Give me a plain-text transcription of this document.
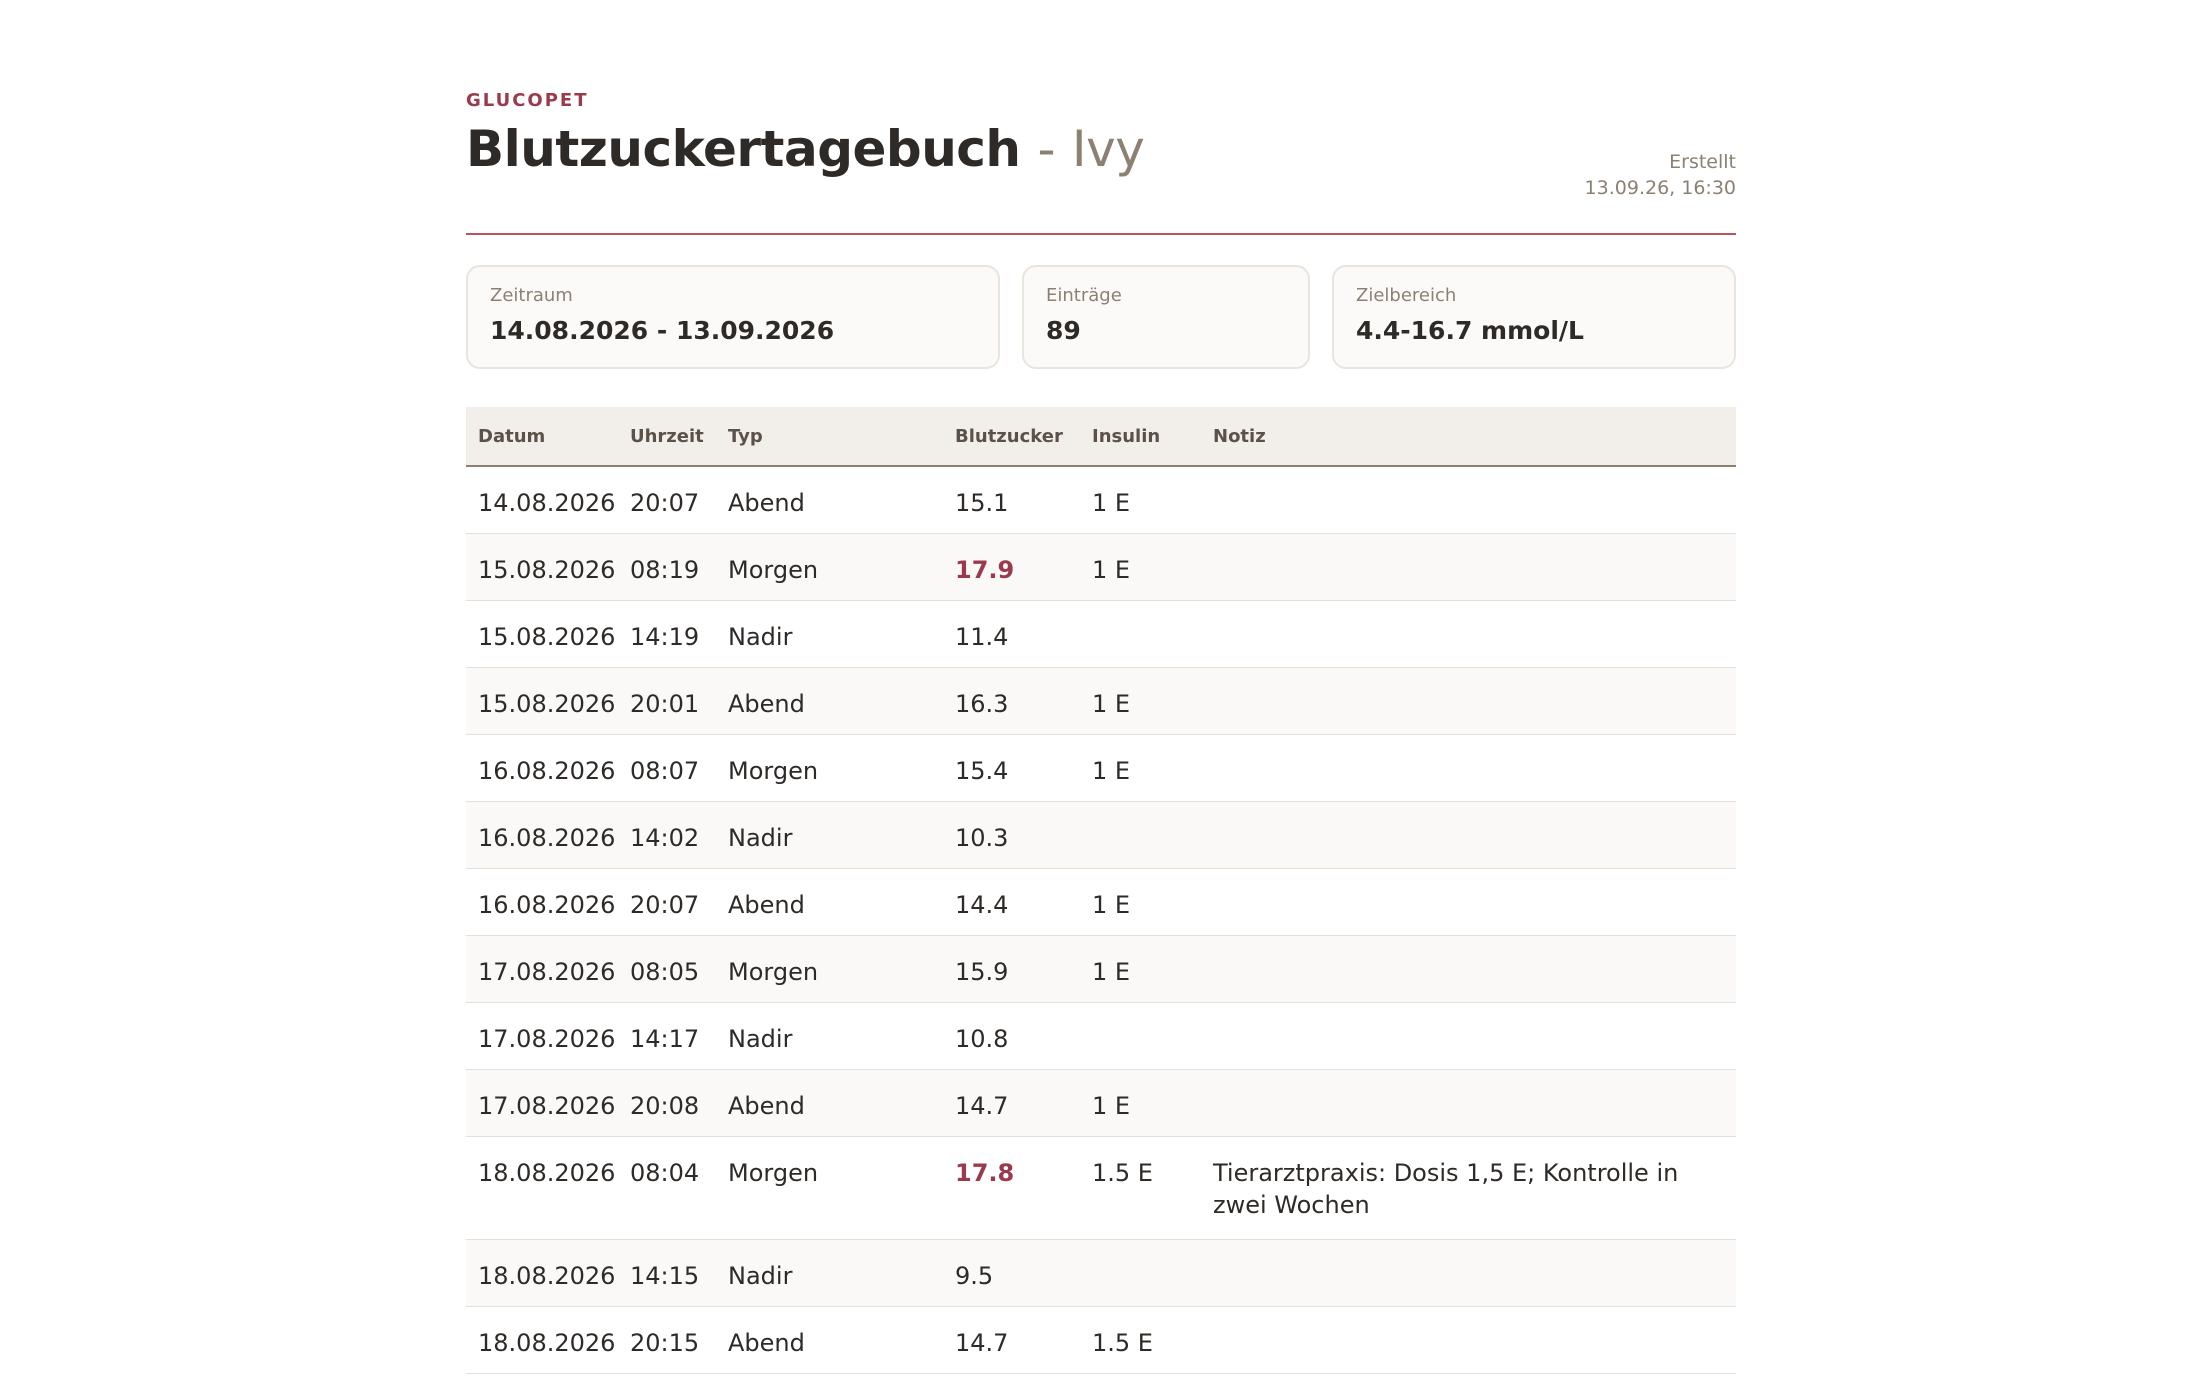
GLUCOPET

Blutzuckertagebuch - Ivy	Erstellt
13.09.26, 16:30
Zeitraum
14.08.2026 - 13.09.2026
Einträge
89
Zielbereich
4.4-16.7 mmol/L
Datum	Uhrzeit	Typ	Blutzucker	Insulin	Notiz
14.08.2026	20:07	Abend	15.1	1 E	
15.08.2026	08:19	Morgen	17.9	1 E	
15.08.2026	14:19	Nadir	11.4		
15.08.2026	20:01	Abend	16.3	1 E	
16.08.2026	08:07	Morgen	15.4	1 E	
16.08.2026	14:02	Nadir	10.3		
16.08.2026	20:07	Abend	14.4	1 E	
17.08.2026	08:05	Morgen	15.9	1 E	
17.08.2026	14:17	Nadir	10.8		
17.08.2026	20:08	Abend	14.7	1 E	
18.08.2026	08:04	Morgen	17.8	1.5 E	Tierarztpraxis: Dosis 1,5 E; Kontrolle in zwei Wochen
18.08.2026	14:15	Nadir	9.5		
18.08.2026	20:15	Abend	14.7	1.5 E	
